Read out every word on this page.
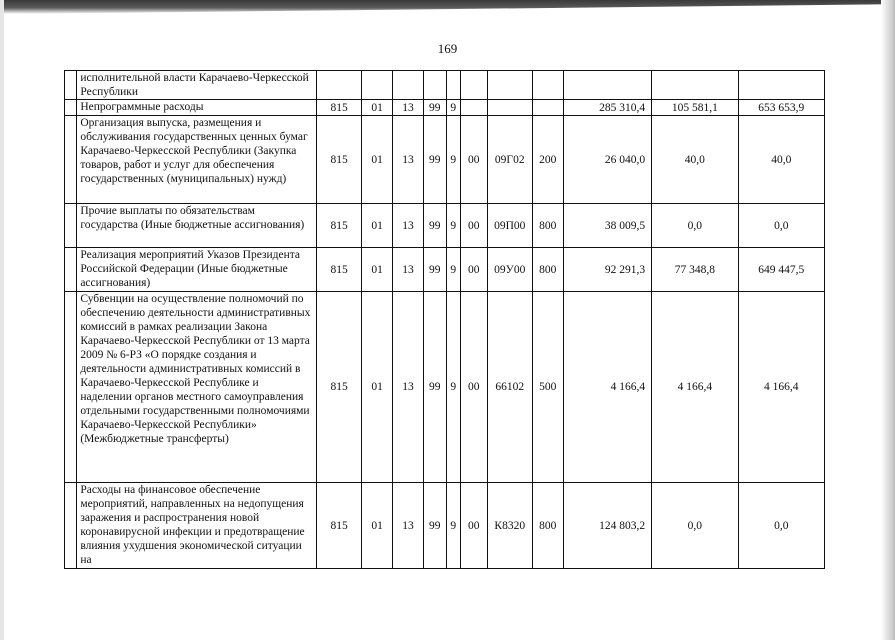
169
	исполнительной власти Карачаево-Черкесской Республики											
	Непрограммные расходы	815	01	13	99	9				285 310,4	105 581,1	653 653,9
	Организация выпуска, размещения и обслуживания государственных ценных бумаг Карачаево-Черкесской Республики (Закупка товаров, работ и услуг для обеспечения государственных (муниципальных) нужд)	815	01	13	99	9	00	09Г02	200	26 040,0	40,0	40,0
	Прочие выплаты по обязательствам государства (Иные бюджетные ассигнования)	815	01	13	99	9	00	09П00	800	38 009,5	0,0	0,0
	Реализация мероприятий Указов Президента Российской Федерации (Иные бюджетные ассигнования)	815	01	13	99	9	00	09У00	800	92 291,3	77 348,8	649 447,5
	Субвенции на осуществление полномочий по обеспечению деятельности административных комиссий в рамках реализации Закона Карачаево-Черкесской Республики от 13 марта 2009 № 6-РЗ «О порядке создания и деятельности административных комиссий в Карачаево-Черкесской Республике и наделении органов местного самоуправления отдельными государственными полномочиями Карачаево-Черкесской Республики» (Межбюджетные трансферты)	815	01	13	99	9	00	66102	500	4 166,4	4 166,4	4 166,4
	Расходы на финансовое обеспечение мероприятий, направленных на недопущения заражения и распространения новой коронавирусной инфекции и предотвращение влияния ухудшения экономической ситуации на	815	01	13	99	9	00	К8320	800	124 803,2	0,0	0,0
